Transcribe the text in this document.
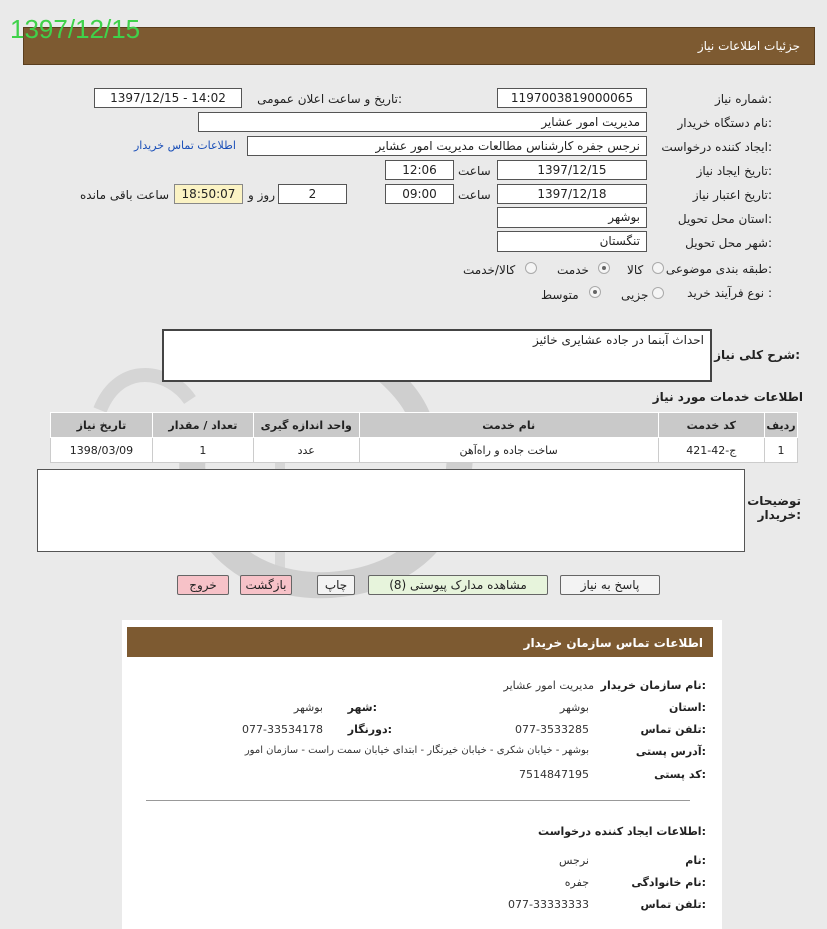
1397/12/15
جزئیات اطلاعات نیاز
شماره نیاز:
1197003819000065
تاریخ و ساعت اعلان عمومی:
1397/12/15 - 14:02
نام دستگاه خریدار:
مدیریت امور عشایر
ایجاد کننده درخواست:
نرجس جفره کارشناس مطالعات مدیریت امور عشایر
اطلاعات تماس خریدار
تاریخ ایجاد نیاز:
1397/12/15
ساعت
12:06
تاریخ اعتبار نیاز:
1397/12/18
ساعت
09:00
2
روز و
18:50:07
ساعت باقی مانده
استان محل تحویل:
بوشهر
شهر محل تحویل:
تنگستان
طبقه بندی موضوعی:
کالا
خدمت
کالا/خدمت
نوع فرآیند خرید :
جزیی
متوسط
شرح کلی نیاز:
احداث آبنما در جاده عشایری خائیز
اطلاعات خدمات مورد نیاز
تاریخ نیاز	تعداد / مقدار	واحد اندازه گیری	نام خدمت	کد خدمت	ردیف
1398/03/09	1	عدد	ساخت جاده و راه‌آهن	ج-42-421	1
توضیحات خریدار:
پاسخ به نیاز
مشاهده مدارک پیوستی (8)
چاپ
بازگشت
خروج
اطلاعات تماس سازمان خریدار
نام سازمان خریدار:
مدیریت امور عشایر
استان:
بوشهر
شهر:
بوشهر
تلفن تماس:
077-3533285
دورنگار:
077-33534178
آدرس پستی:
بوشهر - خیابان شکری - خیابان خیرنگار - ابتدای خیابان سمت راست - سازمان امور
کد پستی:
7514847195
اطلاعات ایجاد کننده درخواست:
نام:
نرجس
نام خانوادگی:
جفره
تلفن تماس:
077-33333333
